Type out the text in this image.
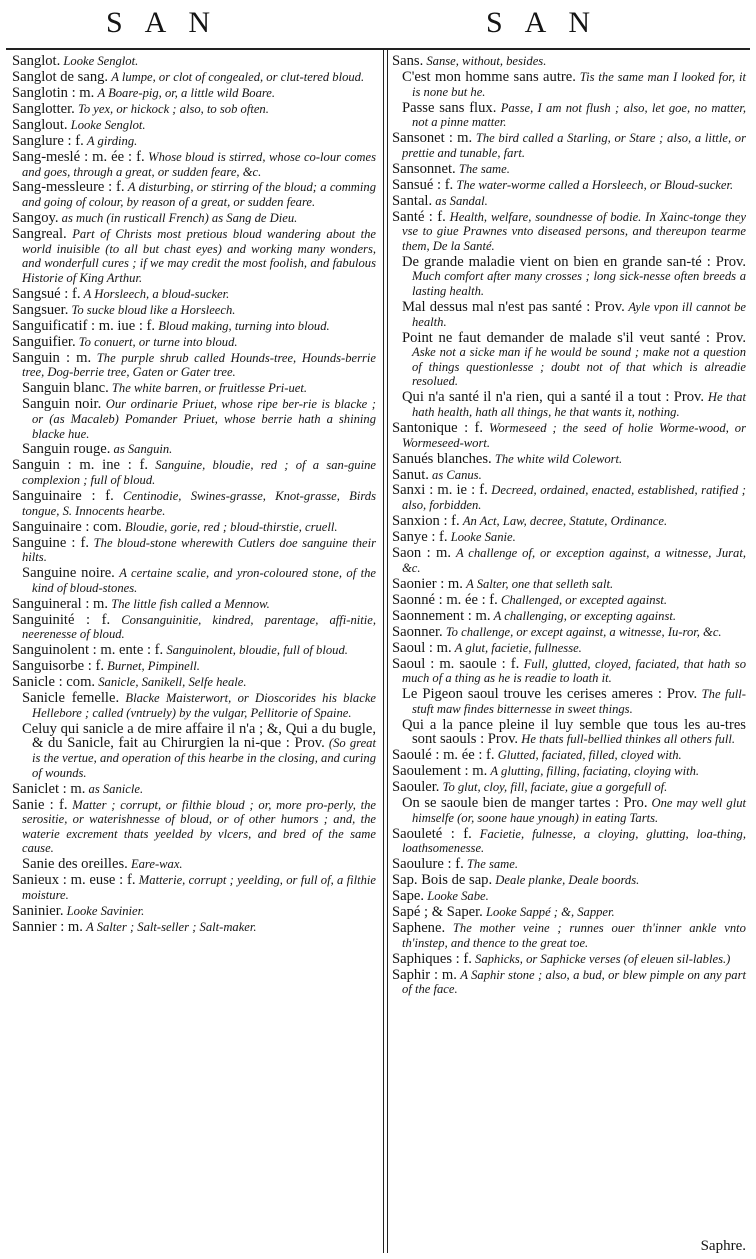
SAN	SAN
Sanglot. Looke Senglot.
Sanglot de sang. A lumpe, or clot of congealed, or clut-tered bloud.
Sanglotin : m. A Boare-pig, or, a little wild Boare.
Sanglotter. To yex, or hickock ; also, to sob often.
Sanglout. Looke Senglot.
Sanglure : f. A girding.
Sang-meslé : m. ée : f. Whose bloud is stirred, whose co-lour comes and goes, through a great, or sudden feare, &c.
Sang-messleure : f. A disturbing, or stirring of the bloud; a comming and going of colour, by reason of a great, or sudden feare.
Sangoy. as much (in rusticall French) as Sang de Dieu.
Sangreal. Part of Christs most pretious bloud wandering about the world inuisible (to all but chast eyes) and working many wonders, and wonderfull cures ; if we may credit the most foolish, and fabulous Historie of King Arthur.
Sangsué : f. A Horsleech, a bloud-sucker.
Sangsuer. To sucke bloud like a Horsleech.
Sanguificatif : m. iue : f. Bloud making, turning into bloud.
Sanguifier. To conuert, or turne into bloud.
Sanguin : m. The purple shrub called Hounds-tree, Hounds-berrie tree, Dog-berrie tree, Gaten or Gater tree.
Sanguin blanc. The white barren, or fruitlesse Pri-uet.
Sanguin noir. Our ordinarie Priuet, whose ripe ber-rie is blacke ; or (as Macaleb) Pomander Priuet, whose berrie hath a shining blacke hue.
Sanguin rouge. as Sanguin.
Sanguin : m. ine : f. Sanguine, bloudie, red ; of a san-guine complexion ; full of bloud.
Sanguinaire : f. Centinodie, Swines-grasse, Knot-grasse, Birds tongue, S. Innocents hearbe.
Sanguinaire : com. Bloudie, gorie, red ; bloud-thirstie, cruell.
Sanguine : f. The bloud-stone wherewith Cutlers doe sanguine their hilts.
Sanguine noire. A certaine scalie, and yron-coloured stone, of the kind of bloud-stones.
Sanguineral : m. The little fish called a Mennow.
Sanguinité : f. Consanguinitie, kindred, parentage, affi-nitie, neerenesse of bloud.
Sanguinolent : m. ente : f. Sanguinolent, bloudie, full of bloud.
Sanguisorbe : f. Burnet, Pimpinell.
Sanicle : com. Sanicle, Sanikell, Selfe heale.
Sanicle femelle. Blacke Maisterwort, or Dioscorides his blacke Hellebore ; called (vntruely) by the vulgar, Pellitorie of Spaine.
Celuy qui sanicle a de mire affaire il n'a ; &, Qui a du bugle, & du Sanicle, fait au Chirurgien la ni-que : Prov. (So great is the vertue, and operation of this hearbe in the closing, and curing of wounds.
Saniclet : m. as Sanicle.
Sanie : f. Matter ; corrupt, or filthie bloud ; or, more pro-perly, the serositie, or waterishnesse of bloud, or of other humors ; and, the waterie excrement thats yeelded by vlcers, and bred of the same cause.
Sanie des oreilles. Eare-wax.
Sanieux : m. euse : f. Matterie, corrupt ; yeelding, or full of, a filthie moisture.
Saninier. Looke Savinier.
Sannier : m. A Salter ; Salt-seller ; Salt-maker.
Sans. Sanse, without, besides.
C'est mon homme sans autre. Tis the same man I looked for, it is none but he.
Passe sans flux. Passe, I am not flush ; also, let goe, no matter, not a pinne matter.
Sansonet : m. The bird called a Starling, or Stare ; also, a little, or prettie and tunable, fart.
Sansonnet. The same.
Sansué : f. The water-worme called a Horsleech, or Bloud-sucker.
Santal. as Sandal.
Santé : f. Health, welfare, soundnesse of bodie. In Xainc-tonge they vse to giue Prawnes vnto diseased persons, and thereupon tearme them, De la Santé.
De grande maladie vient on bien en grande san-té : Prov. Much comfort after many crosses ; long sick-nesse often breeds a lasting health.
Mal dessus mal n'est pas santé : Prov. Ayle vpon ill cannot be health.
Point ne faut demander de malade s'il veut santé : Prov. Aske not a sicke man if he would be sound ; make not a question of things questionlesse ; doubt not of that which is alreadie resolued.
Qui n'a santé il n'a rien, qui a santé il a tout : Prov. He that hath health, hath all things, he that wants it, nothing.
Santonique : f. Wormeseed ; the seed of holie Worme-wood, or Wormeseed-wort.
Sanués blanches. The white wild Colewort.
Sanut. as Canus.
Sanxi : m. ie : f. Decreed, ordained, enacted, established, ratified ; also, forbidden.
Sanxion : f. An Act, Law, decree, Statute, Ordinance.
Sanye : f. Looke Sanie.
Saon : m. A challenge of, or exception against, a witnesse, Jurat, &c.
Saonier : m. A Salter, one that selleth salt.
Saonné : m. ée : f. Challenged, or excepted against.
Saonnement : m. A challenging, or excepting against.
Saonner. To challenge, or except against, a witnesse, Iu-ror, &c.
Saoul : m. A glut, facietie, fullnesse.
Saoul : m. saoule : f. Full, glutted, cloyed, faciated, that hath so much of a thing as he is readie to loath it.
Le Pigeon saoul trouve les cerises ameres : Prov. The full-stuft maw findes bitternesse in sweet things.
Qui a la pance pleine il luy semble que tous les au-tres sont saouls : Prov. He thats full-bellied thinkes all others full.
Saoulé : m. ée : f. Glutted, faciated, filled, cloyed with.
Saoulement : m. A glutting, filling, faciating, cloying with.
Saouler. To glut, cloy, fill, faciate, giue a gorgefull of.
On se saoule bien de manger tartes : Pro. One may well glut himselfe (or, soone haue ynough) in eating Tarts.
Saouleté : f. Facietie, fulnesse, a cloying, glutting, loa-thing, loathsomenesse.
Saoulure : f. The same.
Sap. Bois de sap. Deale planke, Deale boords.
Sape. Looke Sabe.
Sapé ; & Saper. Looke Sappé ; &, Sapper.
Saphene. The mother veine ; runnes ouer th'inner ankle vnto th'instep, and thence to the great toe.
Saphiques : f. Saphicks, or Saphicke verses (of eleuen sil-lables.)
Saphir : m. A Saphir stone ; also, a bud, or blew pimple on any part of the face.
Saphre.
